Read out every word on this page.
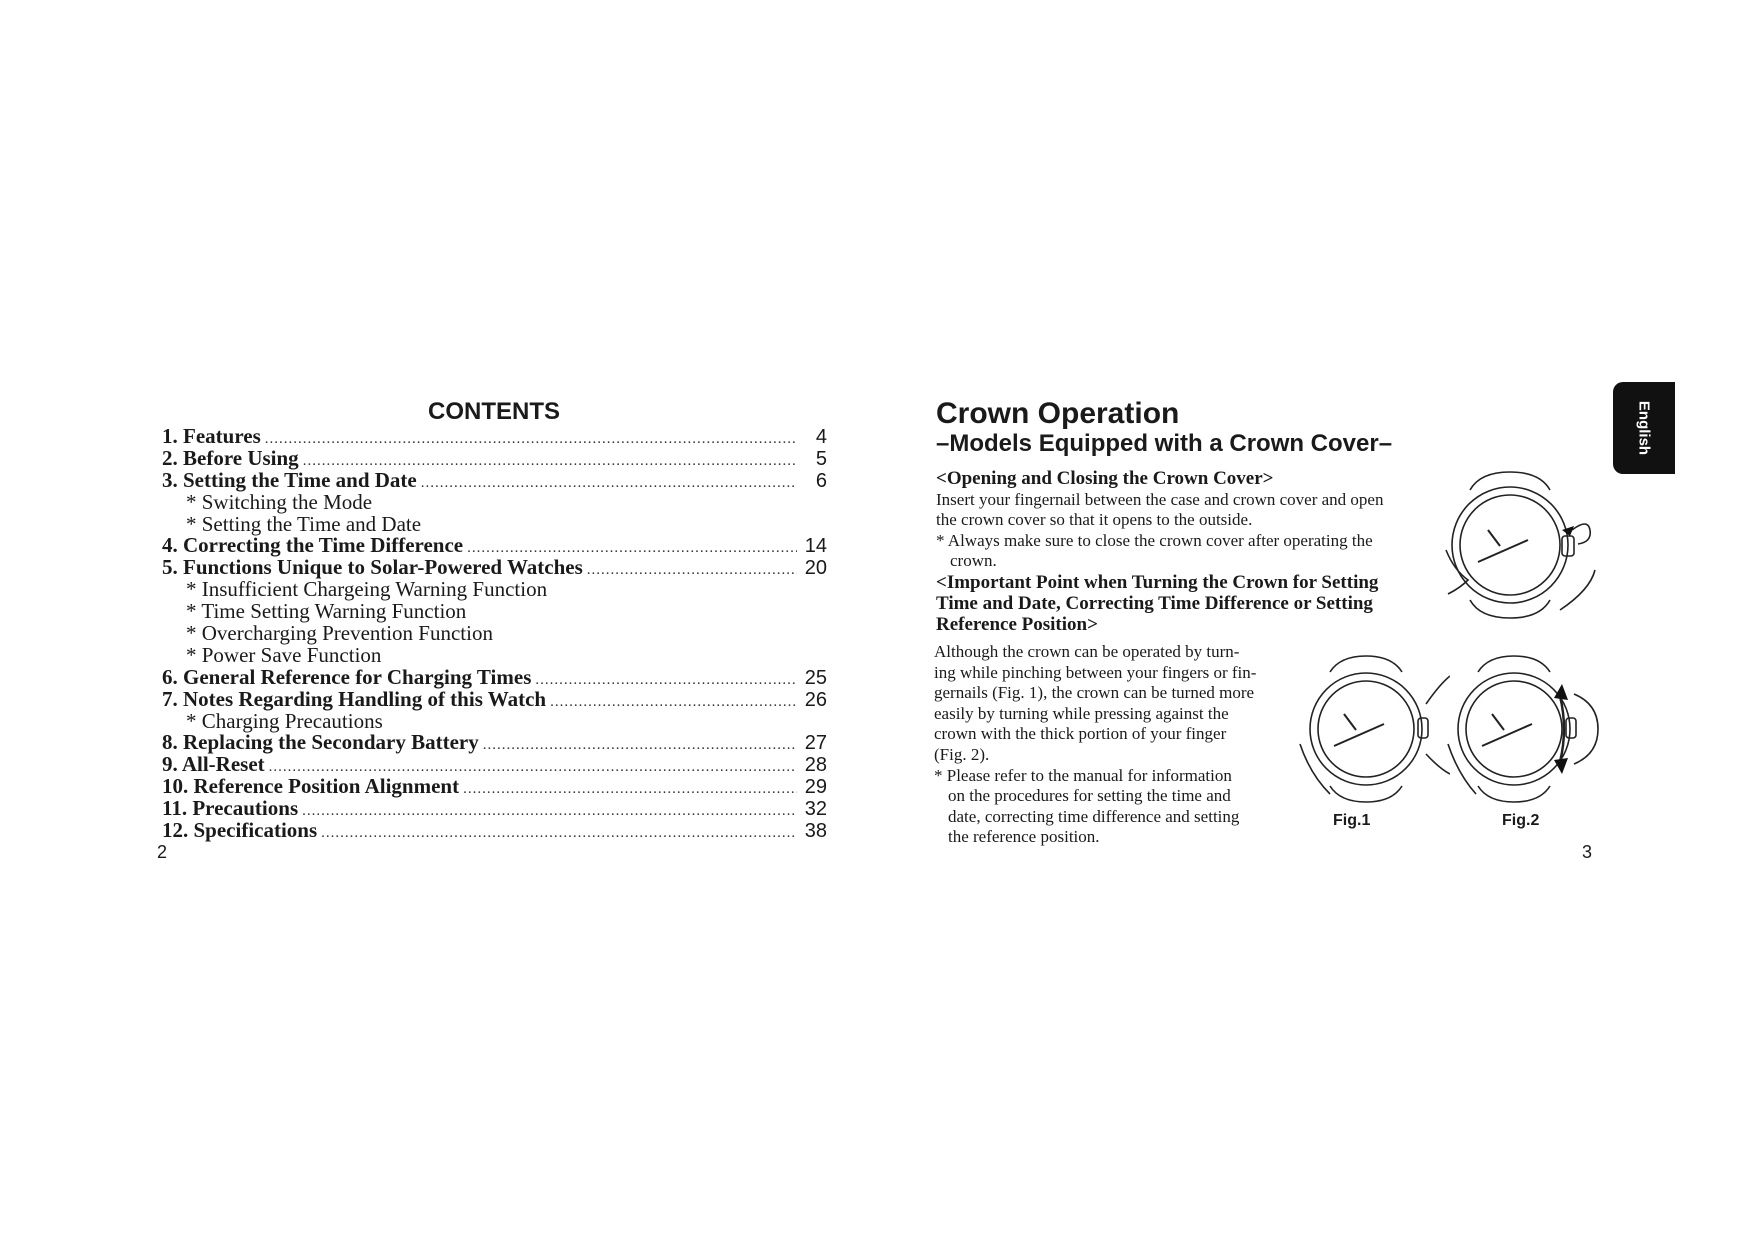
CONTENTS
1. Features .....	4
2. Before Using .....	5
3. Setting the Time and Date .....	6
* Switching the Mode
* Setting the Time and Date
4. Correcting the Time Difference .....	14
5. Functions Unique to Solar-Powered Watches .....	20
* Insufficient Chargeing Warning Function
* Time Setting Warning Function
* Overcharging Prevention Function
* Power Save Function
6. General Reference for Charging Times .....	25
7. Notes Regarding Handling of this Watch .....	26
* Charging Precautions
8. Replacing the Secondary Battery .....	27
9. All-Reset .....	28
10. Reference Position Alignment .....	29
11. Precautions .....	32
12. Specifications .....	38
2
Crown Operation
–Models Equipped with a Crown Cover–
<Opening and Closing the Crown Cover>
Insert your fingernail between the case and crown cover and open
the crown cover so that it opens to the outside.
* Always make sure to close the crown cover after operating the
crown.
<Important Point when Turning the Crown for Setting
Time and Date, Correcting Time Difference or Setting
Reference Position>
Although the crown can be operated by turn-
ing while pinching between your fingers or fin-
gernails (Fig. 1), the crown can be turned more
easily by turning while pressing against the
crown with the thick portion of your finger
(Fig. 2).
* Please refer to the manual for information
on the procedures for setting the time and
date, correcting time difference and setting
the reference position.
Fig.1	Fig.2
English
3
